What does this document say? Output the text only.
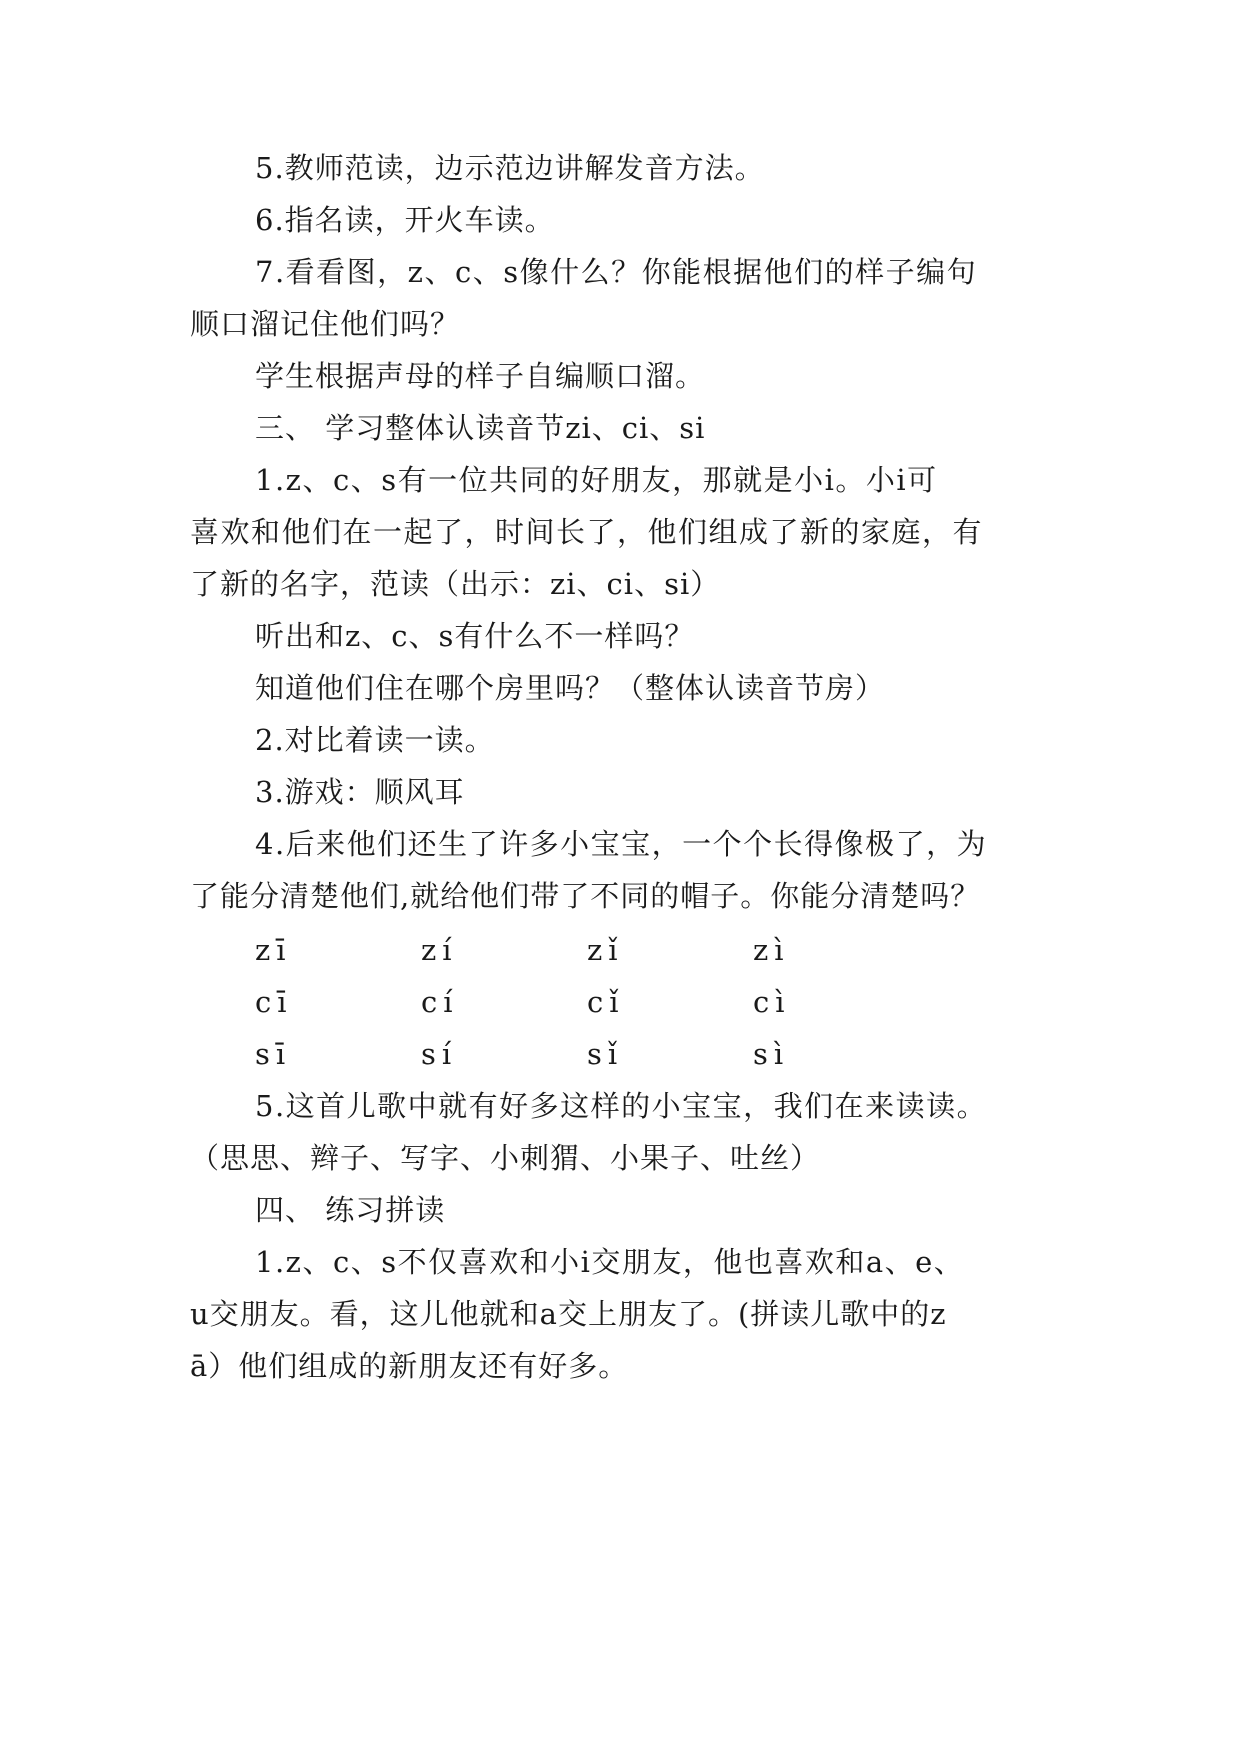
5.教师范读，边示范边讲解发音方法。
6.指名读，开火车读。
7.看看图，z、c、s像什么？你能根据他们的样子编句
顺口溜记住他们吗？
学生根据声母的样子自编顺口溜。
三、 学习整体认读音节zi、ci、si
1.z、c、s有一位共同的好朋友，那就是小i。小i可
喜欢和他们在一起了，时间长了，他们组成了新的家庭，有
了新的名字，范读（出示：zi、ci、si）
听出和z、c、s有什么不一样吗？
知道他们住在哪个房里吗？（整体认读音节房）
2.对比着读一读。
3.游戏：顺风耳
4.后来他们还生了许多小宝宝，一个个长得像极了，为
了能分清楚他们,就给他们带了不同的帽子。你能分清楚吗？
zī	zí	zǐ	zì
cī	cí	cǐ	cì
sī	sí	sǐ	sì
5.这首儿歌中就有好多这样的小宝宝，我们在来读读。
（思思、辫子、写字、小刺猬、小果子、吐丝）
四、 练习拼读
1.z、c、s不仅喜欢和小i交朋友，他也喜欢和a、e、
u交朋友。看，这儿他就和a交上朋友了。(拼读儿歌中的z
ā）他们组成的新朋友还有好多。
